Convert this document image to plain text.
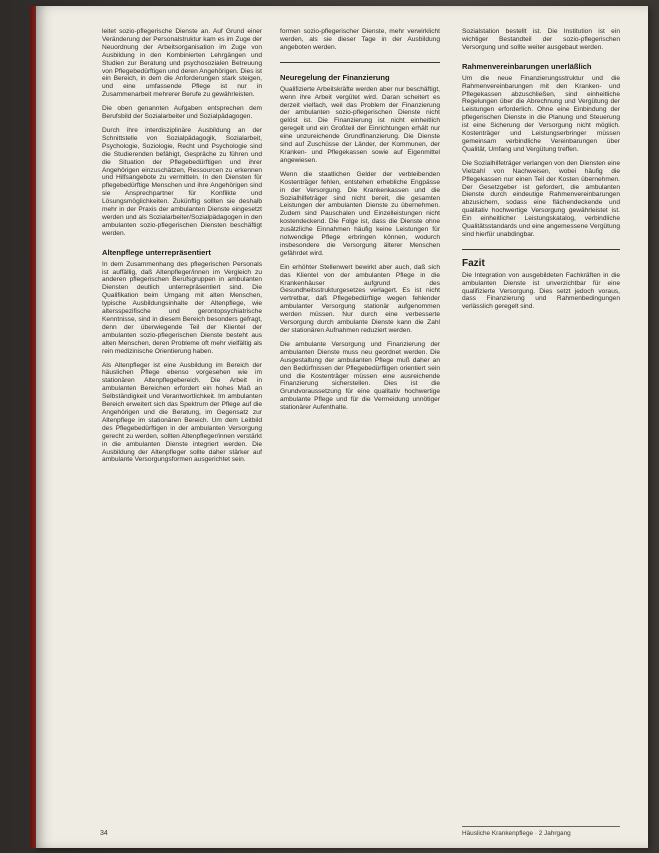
leitet sozio-pflegerische Dienste an. Auf Grund einer Veränderung der Personalstruktur kam es im Zuge der Neuordnung der Arbeitsorganisation im Zuge von Ausbildung in den Kombinierten Lehrgängen und Studien zur Beratung und psychosozialen Betreuung von Pflegebedürftigen und deren Angehörigen. Dies ist ein Bereich, in dem die Anforderungen stark steigen, und eine umfassende Pflege ist nur in Zusammenarbeit mehrerer Berufe zu gewährleisten.

Die oben genannten Aufgaben entsprechen dem Berufsbild der Sozialarbeiter und Sozialpädagogen.

Durch ihre interdisziplinäre Ausbildung an der Schnittstelle von Sozialpädagogik, Sozialarbeit, Psychologie, Soziologie, Recht und Psychologie sind die Studierenden befähigt, Gespräche zu führen und die Situation der Pflegebedürftigen und ihrer Angehörigen einzuschätzen, Ressourcen zu erkennen und Hilfsangebote zu vermitteln. In den Diensten für pflegebedürftige Menschen und ihre Angehörigen sind sie Ansprechpartner für Konflikte und Lösungsmöglichkeiten. Zukünftig sollten sie deshalb mehr in der Praxis der ambulanten Dienste eingesetzt werden und als Sozialarbeiter/Sozialpädagogen in den ambulanten sozio-pflegerischen Diensten beschäftigt werden.

Altenpflege unterrepräsentiert

In dem Zusammenhang des pflegerischen Personals ist auffällig, daß Altenpfleger/innen im Vergleich zu anderen pflegerischen Berufsgruppen in ambulanten Diensten deutlich unterrepräsentiert sind. Die Qualifikation beim Umgang mit alten Menschen, typische Ausbildungsinhalte der Altenpflege, wie altersspezifische und gerontopsychiatrische Kenntnisse, sind in diesem Bereich besonders gefragt, denn der überwiegende Teil der Klientel der ambulanten sozio-pflegerischen Dienste besteht aus alten Menschen, deren Probleme oft mehr vielfältig als rein medizinische Orientierung haben.

Als Altenpfleger ist eine Ausbildung im Bereich der häuslichen Pflege ebenso vorgesehen wie im stationären Altenpflegebereich. Die Arbeit in ambulanten Bereichen erfordert ein hohes Maß an Selbständigkeit und Verantwortlichkeit. Im ambulanten Bereich erweitert sich das Spektrum der Pflege auf die Angehörigen und die Beratung, im Gegensatz zur Altenpflege im stationären Bereich. Um dem Leitbild des Pflegebedürftigen in der ambulanten Versorgung gerecht zu werden, sollten Altenpfleger/innen verstärkt in die ambulanten Dienste integriert werden. Die Ausbildung der Altenpfleger sollte daher stärker auf ambulante Versorgungsformen ausgerichtet sein.

formen sozio-pflegerischer Dienste, mehr verwirklicht werden, als sie dieser Tage in der Ausbildung angeboten werden.

Neuregelung der Finanzierung

Qualifizierte Arbeitskräfte werden aber nur beschäftigt, wenn ihre Arbeit vergütet wird. Daran scheitert es derzeit vielfach, weil das Problem der Finanzierung der ambulanten sozio-pflegerischen Dienste nicht gelöst ist. Die Finanzierung ist nicht einheitlich geregelt und ein Großteil der Einrichtungen erhält nur eine unzureichende Grundfinanzierung. Die Dienste sind auf Zuschüsse der Länder, der Kommunen, der Kranken- und Pflegekassen sowie auf Eigenmittel angewiesen.

Wenn die staatlichen Gelder der verbleibenden Kostenträger fehlen, entstehen erhebliche Engpässe in der Versorgung. Die Krankenkassen und die Sozialhilfeträger sind nicht bereit, die gesamten Leistungen der ambulanten Dienste zu übernehmen. Zudem sind Pauschalen und Einzelleistungen nicht kostendeckend. Die Folge ist, dass die Dienste ohne zusätzliche Einnahmen häufig keine Leistungen für notwendige Pflege erbringen können, wodurch insbesondere die Versorgung älterer Menschen gefährdet wird.

Ein erhöhter Stellenwert bewirkt aber auch, daß sich das Klientel von der ambulanten Pflege in die Krankenhäuser aufgrund des Gesundheitsstrukturgesetzes verlagert. Es ist nicht vertretbar, daß Pflegebedürftige wegen fehlender ambulanter Versorgung stationär aufgenommen werden müssen. Nur durch eine verbesserte Versorgung durch ambulante Dienste kann die Zahl der stationären Aufnahmen reduziert werden.

Die ambulante Versorgung und Finanzierung der ambulanten Dienste muss neu geordnet werden. Die Ausgestaltung der ambulanten Pflege muß daher an den Bedürfnissen der Pflegebedürftigen orientiert sein und die Kostenträger müssen eine ausreichende Finanzierung sicherstellen. Dies ist die Grundvoraussetzung für eine qualitativ hochwertige ambulante Pflege und für die Vermeidung unnötiger stationärer Aufenthalte.

Sozialstation bestellt ist. Die Institution ist ein wichtiger Bestandteil der sozio-pflegerischen Versorgung und sollte weiter ausgebaut werden.

Rahmenvereinbarungen unerläßlich

Um die neue Finanzierungsstruktur und die Rahmenvereinbarungen mit den Kranken- und Pflegekassen abzuschließen, sind einheitliche Regelungen über die Abrechnung und Vergütung der Leistungen erforderlich. Ohne eine Einbindung der pflegerischen Dienste in die Planung und Steuerung ist eine Sicherung der Versorgung nicht möglich. Kostenträger und Leistungserbringer müssen gemeinsam verbindliche Vereinbarungen über Qualität, Umfang und Vergütung treffen.

Die Sozialhilfeträger verlangen von den Diensten eine Vielzahl von Nachweisen, wobei häufig die Pflegekassen nur einen Teil der Kosten übernehmen. Der Gesetzgeber ist gefordert, die ambulanten Dienste durch eindeutige Rahmenvereinbarungen abzusichern, sodass eine flächendeckende und qualitativ hochwertige Versorgung gewährleistet ist. Ein einheitlicher Leistungskatalog, verbindliche Qualitätsstandards und eine angemessene Vergütung sind hierfür unabdingbar.

Fazit

Die Integration von ausgebildeten Fachkräften in die ambulanten Dienste ist unverzichtbar für eine qualifizierte Versorgung. Dies setzt jedoch voraus, dass Finanzierung und Rahmenbedingungen verlässlich geregelt sind.

34	Häusliche Krankenpflege · 2 Jahrgang
